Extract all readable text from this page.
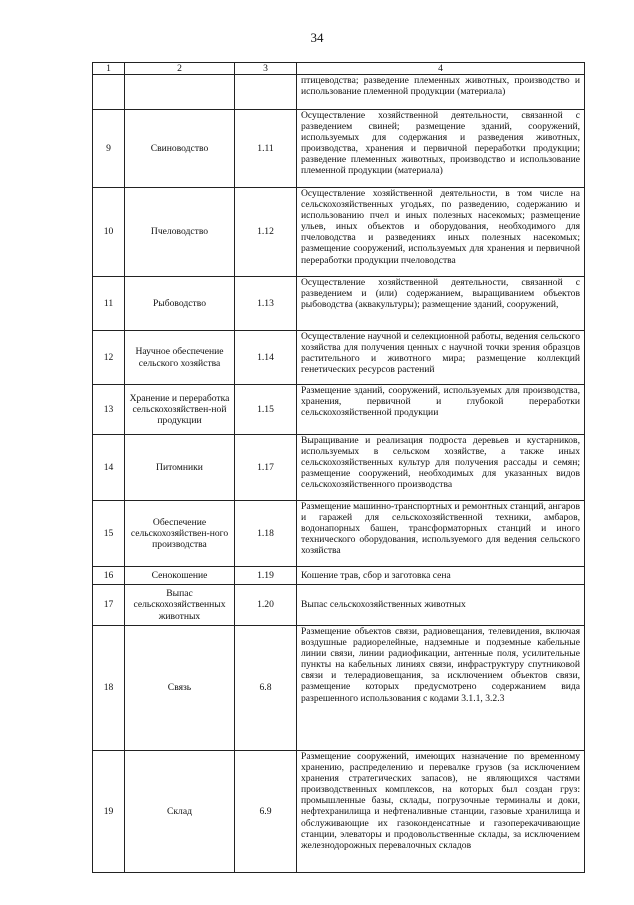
34
1	2	3	4
			птицеводства; разведение племенных животных, производство и использование племенной продукции (материала)
9	Свиноводство	1.11	Осуществление хозяйственной деятельности, связанной с разведением свиней; размещение зданий, сооружений, используемых для содержания и разведения животных, производства, хранения и первичной переработки продукции; разведение племенных животных, производство и использование племенной продукции (материала)
10	Пчеловодство	1.12	Осуществление хозяйственной деятельности, в том числе на сельскохозяйственных угодьях, по разведению, содержанию и использованию пчел и иных полезных насекомых; размещение ульев, иных объектов и оборудования, необходимого для пчеловодства и разведениях иных полезных насекомых; размещение сооружений, используемых для хранения и первичной переработки продукции пчеловодства
11	Рыбоводство	1.13	Осуществление хозяйственной деятельности, связанной с разведением и (или) содержанием, выращиванием объектов рыбоводства (аквакультуры); размещение зданий, сооружений,
12	Научное обеспечение сельского хозяйства	1.14	Осуществление научной и селекционной работы, ведения сельского хозяйства для получения ценных с научной точки зрения образцов растительного и животного мира; размещение коллекций генетических ресурсов растений
13	Хранение и переработка сельскохозяйствен-ной продукции	1.15	Размещение зданий, сооружений, используемых для производства, хранения, первичной и глубокой переработки сельскохозяйственной продукции
14	Питомники	1.17	Выращивание и реализация подроста деревьев и кустарников, используемых в сельском хозяйстве, а также иных сельскохозяйственных культур для получения рассады и семян; размещение сооружений, необходимых для указанных видов сельскохозяйственного производства
15	Обеспечение сельскохозяйствен-ного производства	1.18	Размещение машинно-транспортных и ремонтных станций, ангаров и гаражей для сельскохозяйственной техники, амбаров, водонапорных башен, трансформаторных станций и иного технического оборудования, используемого для ведения сельского хозяйства
16	Сенокошение	1.19	Кошение трав, сбор и заготовка сена
17	Выпас сельскохозяйственных животных	1.20	Выпас сельскохозяйственных животных
18	Связь	6.8	Размещение объектов связи, радиовещания, телевидения, включая воздушные радиорелейные, надземные и подземные кабельные линии связи, линии радиофикации, антенные поля, усилительные пункты на кабельных линиях связи, инфраструктуру спутниковой связи и телерадиовещания, за исключением объектов связи, размещение которых предусмотрено содержанием вида разрешенного использования с кодами 3.1.1, 3.2.3
19	Склад	6.9	Размещение сооружений, имеющих назначение по временному хранению, распределению и перевалке грузов (за исключением хранения стратегических запасов), не являющихся частями производственных комплексов, на которых был создан груз: промышленные базы, склады, погрузочные терминалы и доки, нефтехранилища и нефтеналивные станции, газовые хранилища и обслуживающие их газоконденсатные и газоперекачивающие станции, элеваторы и продовольственные склады, за исключением железнодорожных перевалочных складов
